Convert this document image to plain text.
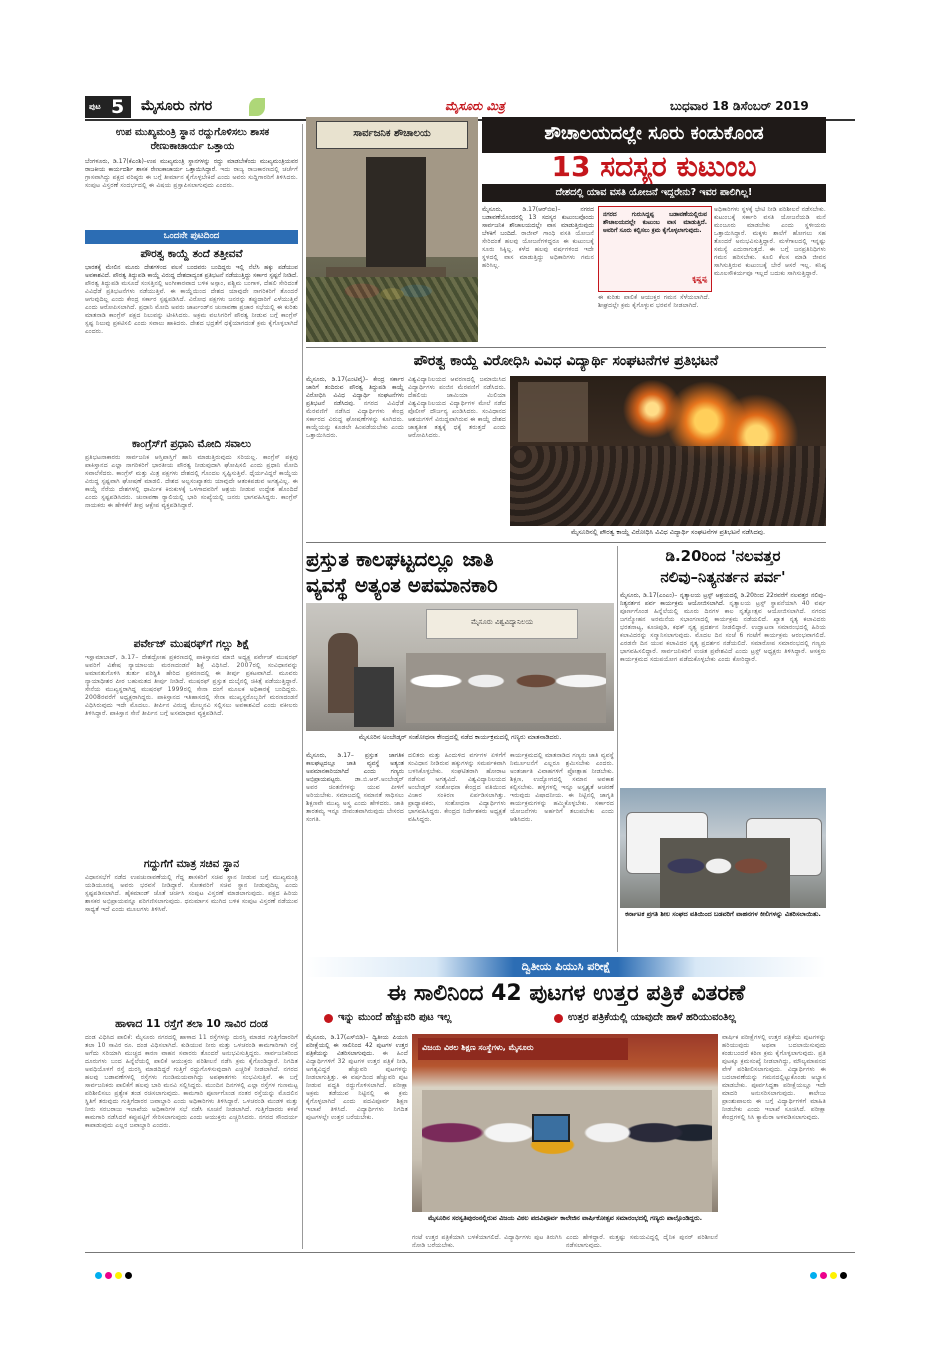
ಪುಟ 5 ಮೈಸೂರು ನಗರ	ಮೈಸೂರು ಮಿತ್ರ	ಬುಧವಾರ 18 ಡಿಸೆಂಬರ್ 2019
ಉಪ ಮುಖ್ಯಮಂತ್ರಿ ಸ್ಥಾನ ರದ್ದುಗೊಳಿಸಲು ಶಾಸಕ ರೇಣುಕಾಚಾರ್ಯ ಒತ್ತಾಯ
ಬೆಂಗಳೂರು, ಡಿ.17(ಕೆಎಂಶಿ)–ಉಪ ಮುಖ್ಯಮಂತ್ರಿ ಸ್ಥಾನಗಳನ್ನು ರದ್ದು ಮಾಡಬೇಕೆಂದು ಮುಖ್ಯಮಂತ್ರಿಯವರ ರಾಜಕೀಯ ಕಾರ್ಯದರ್ಶಿ ಶಾಸಕ ರೇಣುಕಾಚಾರ್ಯ ಒತ್ತಾಯಿಸಿದ್ದಾರೆ. ಇದು ರಾಜ್ಯ ರಾಜಕಾರಣದಲ್ಲಿ ಚರ್ಚೆಗೆ ಗ್ರಾಸವಾಗಿದ್ದು ಪಕ್ಷದ ವರಿಷ್ಠರು ಈ ಬಗ್ಗೆ ತೀರ್ಮಾನ ಕೈಗೊಳ್ಳಬೇಕಿದೆ ಎಂದು ಅವರು ಸುದ್ದಿಗಾರರಿಗೆ ತಿಳಿಸಿದರು. ಸಂಪುಟ ವಿಸ್ತರಣೆ ಸಂದರ್ಭದಲ್ಲಿ ಈ ವಿಷಯ ಪ್ರಸ್ತಾಪಿಸಲಾಗುವುದು ಎಂದರು.
ಒಂದನೇ ಪುಟದಿಂದ
ಪೌರತ್ವ ಕಾಯ್ದೆ ತಂದೆ ತತ್ತೀವವೆ
ಭಾರತಕ್ಕೆ ಮೇಲಿನ ಮೂರು ದೇಶಗಳಿಂದ ವಲಸೆ ಬಂದವರು ಬಂದಿದ್ದರು ಇಲ್ಲಿ ನೆಲೆಸಿ ಹಕ್ಕು ಪಡೆಯುವ ಅವಕಾಶವಿದೆ. ಪೌರತ್ವ ತಿದ್ದುಪಡಿ ಕಾಯ್ದೆ ವಿರುದ್ಧ ದೇಶದಾದ್ಯಂತ ಪ್ರತಿಭಟನೆ ನಡೆಯುತ್ತಿದ್ದು ಸರ್ಕಾರ ಸ್ಪಷ್ಟನೆ ನೀಡಿದೆ. ಪೌರತ್ವ ತಿದ್ದುಪಡಿ ಮಸೂದೆ ಸಂಸತ್ತಿನಲ್ಲಿ ಅಂಗೀಕಾರವಾದ ಬಳಿಕ ಅಸ್ಸಾಂ, ಪಶ್ಚಿಮ ಬಂಗಾಳ, ದೆಹಲಿ ಸೇರಿದಂತೆ ವಿವಿಧೆಡೆ ಪ್ರತಿಭಟನೆಗಳು ನಡೆಯುತ್ತಿವೆ. ಈ ಕಾಯ್ದೆಯಿಂದ ದೇಶದ ಯಾವುದೇ ನಾಗರಿಕರಿಗೆ ತೊಂದರೆ ಆಗುವುದಿಲ್ಲ ಎಂದು ಕೇಂದ್ರ ಸರ್ಕಾರ ಸ್ಪಷ್ಟಪಡಿಸಿದೆ. ವಿರೋಧ ಪಕ್ಷಗಳು ಜನರನ್ನು ತಪ್ಪುದಾರಿಗೆ ಎಳೆಯುತ್ತಿವೆ ಎಂದು ಆರೋಪಿಸಲಾಗಿದೆ. ಪ್ರಧಾನಿ ಮೋದಿ ಅವರು ಜಾರ್ಖಂಡ್‌ನ ಚುನಾವಣಾ ಪ್ರಚಾರ ಸಭೆಯಲ್ಲಿ ಈ ಕುರಿತು ಮಾತನಾಡಿ ಕಾಂಗ್ರೆಸ್ ಪಕ್ಷದ ನಿಲುವನ್ನು ಟೀಕಿಸಿದರು. ಅಕ್ರಮ ವಲಸಿಗರಿಗೆ ಪೌರತ್ವ ನೀಡುವ ಬಗ್ಗೆ ಕಾಂಗ್ರೆಸ್ ಸ್ಪಷ್ಟ ನಿಲುವು ಪ್ರಕಟಿಸಲಿ ಎಂದು ಸವಾಲು ಹಾಕಿದರು. ದೇಶದ ಭದ್ರತೆಗೆ ಧಕ್ಕೆಯಾಗದಂತೆ ಕ್ರಮ ಕೈಗೊಳ್ಳಲಾಗಿದೆ ಎಂದರು.
ಕಾಂಗ್ರೆಸ್‌ಗೆ ಪ್ರಧಾನಿ ಮೋದಿ ಸವಾಲು
ಪ್ರತಿಭಟನಾಕಾರರು ಸಾರ್ವಜನಿಕ ಆಸ್ತಿಪಾಸ್ತಿಗೆ ಹಾನಿ ಮಾಡುತ್ತಿರುವುದು ಸರಿಯಲ್ಲ. ಕಾಂಗ್ರೆಸ್ ಪಕ್ಷವು ಪಾಕಿಸ್ತಾನದ ಎಲ್ಲಾ ನಾಗರಿಕರಿಗೆ ಭಾರತೀಯ ಪೌರತ್ವ ನೀಡುವುದಾಗಿ ಘೋಷಿಸಲಿ ಎಂದು ಪ್ರಧಾನಿ ಮೋದಿ ಸವಾಲೆಸೆದರು. ಕಾಂಗ್ರೆಸ್ ಮತ್ತು ಮಿತ್ರ ಪಕ್ಷಗಳು ದೇಶದಲ್ಲಿ ಗೊಂದಲ ಸೃಷ್ಟಿಸುತ್ತಿವೆ. ಧೈರ್ಯವಿದ್ದರೆ ಕಾಯ್ದೆಯ ವಿರುದ್ಧ ಸ್ಪಷ್ಟವಾಗಿ ಘೋಷಣೆ ಮಾಡಲಿ. ದೇಶದ ಅಲ್ಪಸಂಖ್ಯಾತರು ಯಾವುದೇ ಆತಂಕಪಡುವ ಅಗತ್ಯವಿಲ್ಲ. ಈ ಕಾಯ್ದೆ ನೆರೆಯ ದೇಶಗಳಲ್ಲಿ ಧಾರ್ಮಿಕ ಕಿರುಕುಳಕ್ಕೆ ಒಳಗಾದವರಿಗೆ ಆಶ್ರಯ ನೀಡುವ ಉದ್ದೇಶ ಹೊಂದಿದೆ ಎಂದು ಸ್ಪಷ್ಟಪಡಿಸಿದರು. ಚುನಾವಣಾ ರ‍್ಯಾಲಿಯಲ್ಲಿ ಭಾರಿ ಸಂಖ್ಯೆಯಲ್ಲಿ ಜನರು ಭಾಗವಹಿಸಿದ್ದರು. ಕಾಂಗ್ರೆಸ್ ನಾಯಕರು ಈ ಹೇಳಿಕೆಗೆ ತೀವ್ರ ಆಕ್ಷೇಪ ವ್ಯಕ್ತಪಡಿಸಿದ್ದಾರೆ.
ಪರ್ವೇಜ್ ಮುಷರಫ್‌ಗೆ ಗಲ್ಲು ಶಿಕ್ಷೆ
ಇಸ್ಲಾಮಾಬಾದ್, ಡಿ.17– ದೇಶದ್ರೋಹ ಪ್ರಕರಣದಲ್ಲಿ ಪಾಕಿಸ್ತಾನದ ಮಾಜಿ ಅಧ್ಯಕ್ಷ ಪರ್ವೇಜ್ ಮುಷರಫ್ ಅವರಿಗೆ ವಿಶೇಷ ನ್ಯಾಯಾಲಯ ಮರಣದಂಡನೆ ಶಿಕ್ಷೆ ವಿಧಿಸಿದೆ. 2007ರಲ್ಲಿ ಸಂವಿಧಾನವನ್ನು ಅಮಾನತುಗೊಳಿಸಿ ತುರ್ತು ಪರಿಸ್ಥಿತಿ ಹೇರಿದ ಪ್ರಕರಣದಲ್ಲಿ ಈ ತೀರ್ಪು ಪ್ರಕಟವಾಗಿದೆ. ಮೂವರು ನ್ಯಾಯಾಧೀಶರ ಪೀಠ ಬಹುಮತದ ತೀರ್ಪು ನೀಡಿದೆ. ಮುಷರಫ್ ಪ್ರಸ್ತುತ ದುಬೈನಲ್ಲಿ ಚಿಕಿತ್ಸೆ ಪಡೆಯುತ್ತಿದ್ದಾರೆ. ಸೇನೆಯ ಮುಖ್ಯಸ್ಥರಾಗಿದ್ದ ಮುಷರಫ್ 1999ರಲ್ಲಿ ಸೇನಾ ದಂಗೆ ಮೂಲಕ ಅಧಿಕಾರಕ್ಕೆ ಬಂದಿದ್ದರು. 2008ರವರೆಗೆ ಅಧ್ಯಕ್ಷರಾಗಿದ್ದರು. ಪಾಕಿಸ್ತಾನದ ಇತಿಹಾಸದಲ್ಲಿ ಸೇನಾ ಮುಖ್ಯಸ್ಥರೊಬ್ಬರಿಗೆ ಮರಣದಂಡನೆ ವಿಧಿಸಿರುವುದು ಇದೇ ಮೊದಲು. ತೀರ್ಪಿನ ವಿರುದ್ಧ ಮೇಲ್ಮನವಿ ಸಲ್ಲಿಸಲು ಅವಕಾಶವಿದೆ ಎಂದು ವಕೀಲರು ತಿಳಿಸಿದ್ದಾರೆ. ಪಾಕಿಸ್ತಾನ ಸೇನೆ ತೀರ್ಪಿನ ಬಗ್ಗೆ ಅಸಮಾಧಾನ ವ್ಯಕ್ತಪಡಿಸಿದೆ.
ಗದ್ದುಗೆಗೆ ಮಾತ್ರ ಸಚಿವ ಸ್ಥಾನ
ವಿಧಾನಸಭೆಗೆ ನಡೆದ ಉಪಚುನಾವಣೆಯಲ್ಲಿ ಗೆದ್ದ ಶಾಸಕರಿಗೆ ಸಚಿವ ಸ್ಥಾನ ನೀಡುವ ಬಗ್ಗೆ ಮುಖ್ಯಮಂತ್ರಿ ಯಡಿಯೂರಪ್ಪ ಅವರು ಭರವಸೆ ನೀಡಿದ್ದಾರೆ. ಸೋತವರಿಗೆ ಸಚಿವ ಸ್ಥಾನ ನೀಡುವುದಿಲ್ಲ ಎಂದು ಸ್ಪಷ್ಟಪಡಿಸಲಾಗಿದೆ. ಹೈಕಮಾಂಡ್ ಜೊತೆ ಚರ್ಚಿಸಿ ಸಂಪುಟ ವಿಸ್ತರಣೆ ಮಾಡಲಾಗುವುದು. ಪಕ್ಷದ ಹಿರಿಯ ಶಾಸಕರ ಅಭಿಪ್ರಾಯವನ್ನೂ ಪರಿಗಣಿಸಲಾಗುವುದು. ಧನುರ್ಮಾಸ ಮುಗಿದ ಬಳಿಕ ಸಂಪುಟ ವಿಸ್ತರಣೆ ನಡೆಯುವ ಸಾಧ್ಯತೆ ಇದೆ ಎಂದು ಮೂಲಗಳು ತಿಳಿಸಿವೆ.
ಹಾಳಾದ 11 ರಸ್ತೆಗೆ ತಲಾ 10 ಸಾವಿರ ದಂಡ
ದಂಡ ವಿಧಿಸಿದ ಪಾಲಿಕೆ: ಮೈಸೂರು ನಗರದಲ್ಲಿ ಹಾಳಾದ 11 ರಸ್ತೆಗಳನ್ನು ದುರಸ್ತಿ ಮಾಡದ ಗುತ್ತಿಗೆದಾರರಿಗೆ ತಲಾ 10 ಸಾವಿರ ರೂ. ದಂಡ ವಿಧಿಸಲಾಗಿದೆ. ಕುಡಿಯುವ ನೀರು ಮತ್ತು ಒಳಚರಂಡಿ ಕಾಮಗಾರಿಗಾಗಿ ರಸ್ತೆ ಅಗೆದು ಸರಿಯಾಗಿ ಮುಚ್ಚದ ಕಾರಣ ವಾಹನ ಸವಾರರು ತೊಂದರೆ ಅನುಭವಿಸುತ್ತಿದ್ದರು. ಸಾರ್ವಜನಿಕರಿಂದ ದೂರುಗಳು ಬಂದ ಹಿನ್ನೆಲೆಯಲ್ಲಿ ಪಾಲಿಕೆ ಆಯುಕ್ತರು ಪರಿಶೀಲನೆ ನಡೆಸಿ ಕ್ರಮ ಕೈಗೊಂಡಿದ್ದಾರೆ. ನಿಗದಿತ ಅವಧಿಯೊಳಗೆ ರಸ್ತೆ ದುರಸ್ತಿ ಮಾಡದಿದ್ದರೆ ಗುತ್ತಿಗೆ ರದ್ದುಗೊಳಿಸುವುದಾಗಿ ಎಚ್ಚರಿಕೆ ನೀಡಲಾಗಿದೆ. ನಗರದ ಹಲವು ಬಡಾವಣೆಗಳಲ್ಲಿ ರಸ್ತೆಗಳು ಗುಂಡಿಮಯವಾಗಿದ್ದು ಅಪಘಾತಗಳು ಸಂಭವಿಸುತ್ತಿವೆ. ಈ ಬಗ್ಗೆ ಸಾರ್ವಜನಿಕರು ಪಾಲಿಕೆಗೆ ಹಲವು ಬಾರಿ ಮನವಿ ಸಲ್ಲಿಸಿದ್ದರು. ಮುಂದಿನ ದಿನಗಳಲ್ಲಿ ಎಲ್ಲಾ ರಸ್ತೆಗಳ ಗುಣಮಟ್ಟ ಪರಿಶೀಲಿಸಲು ಪ್ರತ್ಯೇಕ ತಂಡ ರಚಿಸಲಾಗುವುದು. ಕಾಮಗಾರಿ ಪೂರ್ಣಗೊಂಡ ನಂತರ ರಸ್ತೆಯನ್ನು ಮೊದಲಿನ ಸ್ಥಿತಿಗೆ ತರುವುದು ಗುತ್ತಿಗೆದಾರರ ಜವಾಬ್ದಾರಿ ಎಂದು ಅಧಿಕಾರಿಗಳು ತಿಳಿಸಿದ್ದಾರೆ. ಒಳಚರಂಡಿ ಮಂಡಳಿ ಮತ್ತು ನೀರು ಸರಬರಾಜು ಇಲಾಖೆಯ ಅಧಿಕಾರಿಗಳ ಸಭೆ ನಡೆಸಿ ಸೂಚನೆ ನೀಡಲಾಗಿದೆ. ಗುತ್ತಿಗೆದಾರರು ಕಳಪೆ ಕಾಮಗಾರಿ ನಡೆಸಿದರೆ ಕಪ್ಪುಪಟ್ಟಿಗೆ ಸೇರಿಸಲಾಗುವುದು ಎಂದು ಆಯುಕ್ತರು ಎಚ್ಚರಿಸಿದರು. ನಗರದ ಸೌಂದರ್ಯ ಕಾಪಾಡುವುದು ಎಲ್ಲರ ಜವಾಬ್ದಾರಿ ಎಂದರು.
ಸಾರ್ವಜನಿಕ ಶೌಚಾಲಯ	ಶೌಚಾಲಯದಲ್ಲೇ ಸೂರು ಕಂಡುಕೊಂಡ
13 ಸದಸ್ಯರ ಕುಟುಂಬ
ದೇಶದಲ್ಲಿ ಯಾವ ವಸತಿ ಯೋಜನೆ ಇದ್ದರೇನು? ಇವರ ಪಾಲಿಗಿಲ್ಲ!
ಮೈಸೂರು, ಡಿ.17(ಆರ್‌ಬಿಐ)– ನಗರದ ಬಡಾವಣೆಯೊಂದರಲ್ಲಿ 13 ಸದಸ್ಯರ ಕುಟುಂಬವೊಂದು ಸಾರ್ವಜನಿಕ ಶೌಚಾಲಯದಲ್ಲೇ ವಾಸ ಮಾಡುತ್ತಿರುವುದು ಬೆಳಕಿಗೆ ಬಂದಿದೆ. ರಾಜೀವ್ ಗಾಂಧಿ ವಸತಿ ಯೋಜನೆ ಸೇರಿದಂತೆ ಹಲವು ಯೋಜನೆಗಳಿದ್ದರೂ ಈ ಕುಟುಂಬಕ್ಕೆ ಸೂರು ಸಿಕ್ಕಿಲ್ಲ. ಕಳೆದ ಹಲವು ವರ್ಷಗಳಿಂದ ಇದೇ ಸ್ಥಳದಲ್ಲಿ ವಾಸ ಮಾಡುತ್ತಿದ್ದು ಅಧಿಕಾರಿಗಳು ಗಮನ ಹರಿಸಿಲ್ಲ.
ನಗರದ ಗುರುಸಿದ್ದಪ್ಪ ಬಡಾವಣೆಯಲ್ಲಿರುವ ಶೌಚಾಲಯದಲ್ಲೇ ಕುಟುಂಬ ವಾಸ ಮಾಡುತ್ತಿದೆ. ಅವರಿಗೆ ಸೂರು ಕಲ್ಪಿಸಲು ಕ್ರಮ ಕೈಗೊಳ್ಳಲಾಗುವುದು.
ಕೃಷ್ಣಪ್ಪ
ಈ ಕುರಿತು ಪಾಲಿಕೆ ಆಯುಕ್ತರ ಗಮನ ಸೆಳೆಯಲಾಗಿದೆ. ಶೀಘ್ರದಲ್ಲೇ ಕ್ರಮ ಕೈಗೊಳ್ಳುವ ಭರವಸೆ ನೀಡಲಾಗಿದೆ.
ಅಧಿಕಾರಿಗಳು ಸ್ಥಳಕ್ಕೆ ಭೇಟಿ ನೀಡಿ ಪರಿಶೀಲನೆ ನಡೆಸಬೇಕು. ಕುಟುಂಬಕ್ಕೆ ಸರ್ಕಾರಿ ವಸತಿ ಯೋಜನೆಯಡಿ ಮನೆ ಮಂಜೂರು ಮಾಡಬೇಕು ಎಂದು ಸ್ಥಳೀಯರು ಒತ್ತಾಯಿಸಿದ್ದಾರೆ. ಮಕ್ಕಳು ಶಾಲೆಗೆ ಹೋಗಲು ಸಹ ತೊಂದರೆ ಅನುಭವಿಸುತ್ತಿದ್ದಾರೆ. ಮಳೆಗಾಲದಲ್ಲಿ ಇನ್ನಷ್ಟು ಸಮಸ್ಯೆ ಎದುರಾಗುತ್ತದೆ. ಈ ಬಗ್ಗೆ ಜನಪ್ರತಿನಿಧಿಗಳು ಗಮನ ಹರಿಸಬೇಕು. ಕೂಲಿ ಕೆಲಸ ಮಾಡಿ ಜೀವನ ಸಾಗಿಸುತ್ತಿರುವ ಕುಟುಂಬಕ್ಕೆ ಬೇರೆ ಆಸರೆ ಇಲ್ಲ. ಕನಿಷ್ಠ ಮೂಲಸೌಕರ್ಯವೂ ಇಲ್ಲದೆ ಬದುಕು ಸಾಗಿಸುತ್ತಿದ್ದಾರೆ.
ಪೌರತ್ವ ಕಾಯ್ದೆ ವಿರೋಧಿಸಿ ವಿವಿಧ ವಿದ್ಯಾರ್ಥಿ ಸಂಘಟನೆಗಳ ಪ್ರತಿಭಟನೆ
ಮೈಸೂರು, ಡಿ.17(ಎಂಟಿವೈ)– ಕೇಂದ್ರ ಸರ್ಕಾರ ಜಾರಿಗೆ ತಂದಿರುವ ಪೌರತ್ವ ತಿದ್ದುಪಡಿ ಕಾಯ್ದೆ ವಿರೋಧಿಸಿ ವಿವಿಧ ವಿದ್ಯಾರ್ಥಿ ಸಂಘಟನೆಗಳು ಪ್ರತಿಭಟನೆ ನಡೆಸಿದವು. ನಗರದ ವಿವಿಧೆಡೆ ಮೆರವಣಿಗೆ ನಡೆಸಿದ ವಿದ್ಯಾರ್ಥಿಗಳು ಕೇಂದ್ರ ಸರ್ಕಾರದ ವಿರುದ್ಧ ಘೋಷಣೆಗಳನ್ನು ಕೂಗಿದರು. ಕಾಯ್ದೆಯನ್ನು ಕೂಡಲೇ ಹಿಂಪಡೆಯಬೇಕು ಎಂದು ಒತ್ತಾಯಿಸಿದರು.
ವಿಶ್ವವಿದ್ಯಾನಿಲಯದ ಆವರಣದಲ್ಲಿ ಜಮಾಯಿಸಿದ ವಿದ್ಯಾರ್ಥಿಗಳು ಪಂಜಿನ ಮೆರವಣಿಗೆ ನಡೆಸಿದರು. ದೆಹಲಿಯ ಜಾಮಿಯಾ ಮಿಲಿಯಾ ವಿಶ್ವವಿದ್ಯಾನಿಲಯದ ವಿದ್ಯಾರ್ಥಿಗಳ ಮೇಲೆ ನಡೆದ ಪೊಲೀಸ್ ದೌರ್ಜನ್ಯ ಖಂಡಿಸಿದರು. ಸಂವಿಧಾನದ ಆಶಯಗಳಿಗೆ ವಿರುದ್ಧವಾಗಿರುವ ಈ ಕಾಯ್ದೆ ದೇಶದ ಜಾತ್ಯತೀತ ತತ್ವಕ್ಕೆ ಧಕ್ಕೆ ತರುತ್ತದೆ ಎಂದು ಆರೋಪಿಸಿದರು.
ಮೈಸೂರಿನಲ್ಲಿ ಪೌರತ್ವ ಕಾಯ್ದೆ ವಿರೋಧಿಸಿ ವಿವಿಧ ವಿದ್ಯಾರ್ಥಿ ಸಂಘಟನೆಗಳ ಪ್ರತಿಭಟನೆ ನಡೆಸಿದವು.
ಪ್ರಸ್ತುತ ಕಾಲಘಟ್ಟದಲ್ಲೂ ಜಾತಿ
ವ್ಯವಸ್ಥೆ ಅತ್ಯಂತ ಅಪಮಾನಕಾರಿ
ಮೈಸೂರು ವಿಶ್ವವಿದ್ಯಾನಿಲಯ
ಮೈಸೂರಿನ ಅಂಬೇಡ್ಕರ್ ಸಂಶೋಧನಾ ಕೇಂದ್ರದಲ್ಲಿ ನಡೆದ ಕಾರ್ಯಕ್ರಮದಲ್ಲಿ ಗಣ್ಯರು ಮಾತನಾಡಿದರು.
ಮೈಸೂರು, ಡಿ.17– ಪ್ರಸ್ತುತ ಜಾಗತಿಕ ಕಾಲಘಟ್ಟದಲ್ಲೂ ಜಾತಿ ವ್ಯವಸ್ಥೆ ಅತ್ಯಂತ ಅಪಮಾನಕಾರಿಯಾಗಿದೆ ಎಂದು ಗಣ್ಯರು ಅಭಿಪ್ರಾಯಪಟ್ಟರು. ಡಾ.ಬಿ.ಆರ್.ಅಂಬೇಡ್ಕರ್ ಅವರ ಚಿಂತನೆಗಳನ್ನು ಯುವ ಪೀಳಿಗೆ ಅರಿಯಬೇಕು. ಸಮಾಜದಲ್ಲಿ ಸಮಾನತೆ ಸಾಧಿಸಲು ಶಿಕ್ಷಣವೇ ಮುಖ್ಯ ಅಸ್ತ್ರ ಎಂದು ಹೇಳಿದರು. ಜಾತಿ ತಾರತಮ್ಯ ಇನ್ನೂ ಜೀವಂತವಾಗಿರುವುದು ಬೇಸರದ ಸಂಗತಿ.
ದಲಿತರು ಮತ್ತು ಹಿಂದುಳಿದ ವರ್ಗಗಳ ಏಳಿಗೆಗೆ ಸಂವಿಧಾನ ನೀಡಿರುವ ಹಕ್ಕುಗಳನ್ನು ಸಮರ್ಪಕವಾಗಿ ಬಳಸಿಕೊಳ್ಳಬೇಕು. ಸಂಘಟಿತರಾಗಿ ಹೋರಾಟ ನಡೆಸುವ ಅಗತ್ಯವಿದೆ. ವಿಶ್ವವಿದ್ಯಾನಿಲಯದ ಅಂಬೇಡ್ಕರ್ ಸಂಶೋಧನಾ ಕೇಂದ್ರದ ವತಿಯಿಂದ ವಿಚಾರ ಸಂಕಿರಣ ಏರ್ಪಡಿಸಲಾಗಿತ್ತು. ಪ್ರಾಧ್ಯಾಪಕರು, ಸಂಶೋಧನಾ ವಿದ್ಯಾರ್ಥಿಗಳು ಭಾಗವಹಿಸಿದ್ದರು. ಕೇಂದ್ರದ ನಿರ್ದೇಶಕರು ಅಧ್ಯಕ್ಷತೆ ವಹಿಸಿದ್ದರು.
ಕಾರ್ಯಕ್ರಮದಲ್ಲಿ ಮಾತನಾಡಿದ ಗಣ್ಯರು ಜಾತಿ ವ್ಯವಸ್ಥೆ ನಿರ್ಮೂಲನೆಗೆ ಎಲ್ಲರೂ ಶ್ರಮಿಸಬೇಕು ಎಂದರು. ಅಂತರ್ಜಾತಿ ವಿವಾಹಗಳಿಗೆ ಪ್ರೋತ್ಸಾಹ ನೀಡಬೇಕು. ಶಿಕ್ಷಣ, ಉದ್ಯೋಗದಲ್ಲಿ ಸಮಾನ ಅವಕಾಶ ಕಲ್ಪಿಸಬೇಕು. ಹಳ್ಳಿಗಳಲ್ಲಿ ಇನ್ನೂ ಅಸ್ಪೃಶ್ಯತೆ ಆಚರಣೆ ಇರುವುದು ವಿಷಾದನೀಯ. ಈ ನಿಟ್ಟಿನಲ್ಲಿ ಜಾಗೃತಿ ಕಾರ್ಯಕ್ರಮಗಳನ್ನು ಹಮ್ಮಿಕೊಳ್ಳಬೇಕು. ಸರ್ಕಾರದ ಯೋಜನೆಗಳು ಅರ್ಹರಿಗೆ ತಲುಪಬೇಕು ಎಂದು ಆಶಿಸಿದರು.
ಡಿ.20ರಿಂದ 'ನಲವತ್ತರ
ನಲಿವು–ನಿತ್ಯನರ್ತನ ಪರ್ವ'
ಮೈಸೂರು, ಡಿ.17(ಎಂಎಂ)– ನೃತ್ಯಾಲಯ ಟ್ರಸ್ಟ್ ಆಶ್ರಯದಲ್ಲಿ ಡಿ.20ರಿಂದ 22ರವರೆಗೆ ನಲವತ್ತರ ನಲಿವು–ನಿತ್ಯನರ್ತನ ಪರ್ವ ಕಾರ್ಯಕ್ರಮ ಆಯೋಜಿಸಲಾಗಿದೆ. ನೃತ್ಯಾಲಯ ಟ್ರಸ್ಟ್ ಸ್ಥಾಪನೆಯಾಗಿ 40 ವರ್ಷ ಪೂರ್ಣಗೊಂಡ ಹಿನ್ನೆಲೆಯಲ್ಲಿ ಮೂರು ದಿನಗಳ ಕಾಲ ನೃತ್ಯೋತ್ಸವ ಆಯೋಜಿಸಲಾಗಿದೆ. ನಗರದ ಜಗನ್ಮೋಹನ ಅರಮನೆಯ ಸಭಾಂಗಣದಲ್ಲಿ ಕಾರ್ಯಕ್ರಮ ನಡೆಯಲಿದೆ. ಖ್ಯಾತ ನೃತ್ಯ ಕಲಾವಿದರು ಭರತನಾಟ್ಯ, ಕೂಚಿಪುಡಿ, ಕಥಕ್ ನೃತ್ಯ ಪ್ರದರ್ಶನ ನೀಡಲಿದ್ದಾರೆ. ಉದ್ಘಾಟನಾ ಸಮಾರಂಭದಲ್ಲಿ ಹಿರಿಯ ಕಲಾವಿದರನ್ನು ಸನ್ಮಾನಿಸಲಾಗುವುದು. ಮೊದಲ ದಿನ ಸಂಜೆ 6 ಗಂಟೆಗೆ ಕಾರ್ಯಕ್ರಮ ಆರಂಭವಾಗಲಿದೆ. ಎರಡನೇ ದಿನ ಯುವ ಕಲಾವಿದರ ನೃತ್ಯ ಪ್ರದರ್ಶನ ನಡೆಯಲಿದೆ. ಸಮಾರೋಪ ಸಮಾರಂಭದಲ್ಲಿ ಗಣ್ಯರು ಭಾಗವಹಿಸಲಿದ್ದಾರೆ. ಸಾರ್ವಜನಿಕರಿಗೆ ಉಚಿತ ಪ್ರವೇಶವಿದೆ ಎಂದು ಟ್ರಸ್ಟ್ ಅಧ್ಯಕ್ಷರು ತಿಳಿಸಿದ್ದಾರೆ. ಆಸಕ್ತರು ಕಾರ್ಯಕ್ರಮದ ಸದುಪಯೋಗ ಪಡೆದುಕೊಳ್ಳಬೇಕು ಎಂದು ಕೋರಿದ್ದಾರೆ.
ಕರ್ನಾಟಕ ಪ್ರಗತಿ ಶೀಲ ಸಂಘದ ವತಿಯಿಂದ ಬಡವರಿಗೆ ವಾಹನಗಳ ಕೀಲಿಗಳನ್ನು ವಿತರಿಸಲಾಯಿತು.
ದ್ವಿತೀಯ ಪಿಯುಸಿ ಪರೀಕ್ಷೆ
ಈ ಸಾಲಿನಿಂದ 42 ಪುಟಗಳ ಉತ್ತರ ಪತ್ರಿಕೆ ವಿತರಣೆ
ಇನ್ನು ಮುಂದೆ ಹೆಚ್ಚುವರಿ ಪುಟ ಇಲ್ಲ	ಉತ್ತರ ಪತ್ರಿಕೆಯಲ್ಲಿ ಯಾವುದೇ ಹಾಳೆ ಹರಿಯುವಂತಿಲ್ಲ
ಮೈಸೂರು, ಡಿ.17(ಎಸ್‌ಬಿಡಿ)– ದ್ವಿತೀಯ ಪಿಯುಸಿ ಪರೀಕ್ಷೆಯಲ್ಲಿ ಈ ಸಾಲಿನಿಂದ 42 ಪುಟಗಳ ಉತ್ತರ ಪತ್ರಿಕೆಯನ್ನು ವಿತರಿಸಲಾಗುವುದು. ಈ ಹಿಂದೆ ವಿದ್ಯಾರ್ಥಿಗಳಿಗೆ 32 ಪುಟಗಳ ಉತ್ತರ ಪತ್ರಿಕೆ ನೀಡಿ, ಅಗತ್ಯವಿದ್ದರೆ ಹೆಚ್ಚುವರಿ ಪುಟಗಳನ್ನು ನೀಡಲಾಗುತ್ತಿತ್ತು. ಈ ವರ್ಷದಿಂದ ಹೆಚ್ಚುವರಿ ಪುಟ ನೀಡುವ ಪದ್ಧತಿ ರದ್ದುಗೊಳಿಸಲಾಗಿದೆ. ಪರೀಕ್ಷಾ ಅಕ್ರಮ ತಡೆಯುವ ನಿಟ್ಟಿನಲ್ಲಿ ಈ ಕ್ರಮ ಕೈಗೊಳ್ಳಲಾಗಿದೆ ಎಂದು ಪದವಿಪೂರ್ವ ಶಿಕ್ಷಣ ಇಲಾಖೆ ತಿಳಿಸಿದೆ. ವಿದ್ಯಾರ್ಥಿಗಳು ನಿಗದಿತ ಪುಟಗಳಲ್ಲೇ ಉತ್ತರ ಬರೆಯಬೇಕು.
ವಿಜಯ ವಿಠಲ ಶಿಕ್ಷಣ ಸಂಸ್ಥೆಗಳು, ಮೈಸೂರು
ಮೈಸೂರಿನ ಸರಸ್ವತಿಪುರಂನಲ್ಲಿರುವ ವಿಜಯ ವಿಠಲ ಪದವಿಪೂರ್ವ ಕಾಲೇಜಿನ ವಾರ್ಷಿಕೋತ್ಸವ ಸಮಾರಂಭದಲ್ಲಿ ಗಣ್ಯರು ಪಾಲ್ಗೊಂಡಿದ್ದರು.
ಗಂಟೆ ಉತ್ತರ ಪತ್ರಿಕೆಯಾಗಿ ಬಳಕೆಯಾಗಲಿದೆ. ವಿದ್ಯಾರ್ಥಿಗಳು ಪುಟ ತಿರುಗಿಸಿ ನೋಡಿ ಬರೆಯಬೇಕು.
ಎಂದು ಹೇಳಿದ್ದಾರೆ. ಮತ್ತಷ್ಟು ಸಮಯವಿದ್ದಲ್ಲಿ ದೈನಿಕ ಪುನರ್ ಪರಿಶೀಲನೆ ನಡೆಸಲಾಗುವುದು.
ವಾರ್ಷಿಕ ಪರೀಕ್ಷೆಗಳಲ್ಲಿ ಉತ್ತರ ಪತ್ರಿಕೆಯ ಪುಟಗಳನ್ನು ಹರಿಯುವುದು ಅಥವಾ ಬದಲಾಯಿಸುವುದು ಕಂಡುಬಂದರೆ ಕಠಿಣ ಕ್ರಮ ಕೈಗೊಳ್ಳಲಾಗುವುದು. ಪ್ರತಿ ಪುಟಕ್ಕೂ ಕ್ರಮಸಂಖ್ಯೆ ನೀಡಲಾಗಿದ್ದು, ಮೌಲ್ಯಮಾಪನದ ವೇಳೆ ಪರಿಶೀಲಿಸಲಾಗುವುದು. ವಿದ್ಯಾರ್ಥಿಗಳು ಈ ಬದಲಾವಣೆಯನ್ನು ಗಮನದಲ್ಲಿಟ್ಟುಕೊಂಡು ಅಭ್ಯಾಸ ಮಾಡಬೇಕು. ಪೂರ್ವಸಿದ್ಧತಾ ಪರೀಕ್ಷೆಯಲ್ಲೂ ಇದೇ ಮಾದರಿ ಅನುಸರಿಸಲಾಗುವುದು. ಕಾಲೇಜು ಪ್ರಾಂಶುಪಾಲರು ಈ ಬಗ್ಗೆ ವಿದ್ಯಾರ್ಥಿಗಳಿಗೆ ಮಾಹಿತಿ ನೀಡಬೇಕು ಎಂದು ಇಲಾಖೆ ಸೂಚಿಸಿದೆ. ಪರೀಕ್ಷಾ ಕೇಂದ್ರಗಳಲ್ಲಿ ಸಿಸಿ ಕ್ಯಾಮೆರಾ ಅಳವಡಿಸಲಾಗುವುದು.
